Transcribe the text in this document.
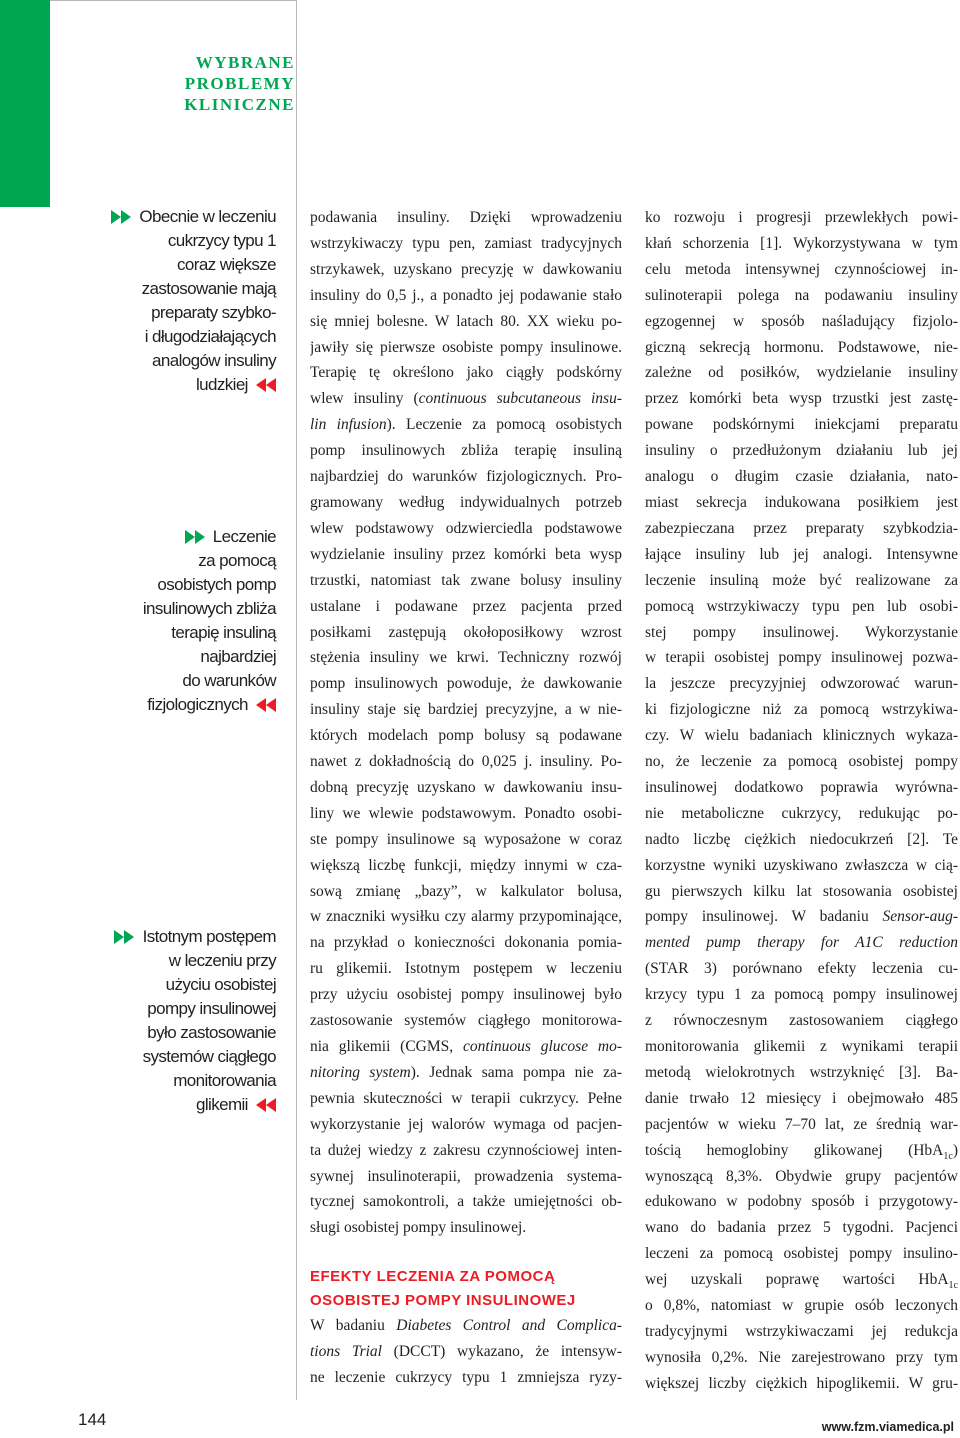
WYBRANE
PROBLEMY
KLINICZNE
Obecnie w leczeniu
cukrzycy typu 1
coraz większe
zastosowanie mają
preparaty szybko-
i długodziałających
analogów insuliny
ludzkiej
Leczenie
za pomocą
osobistych pomp
insulinowych zbliża
terapię insuliną
najbardziej
do warunków
fizjologicznych
Istotnym postępem
w leczeniu przy
użyciu osobistej
pompy insulinowej
było zastosowanie
systemów ciągłego
monitorowania
glikemii
podawania insuliny. Dzięki wprowadzeniu
wstrzykiwaczy typu pen, zamiast tradycyjnych
strzykawek, uzyskano precyzję w dawkowaniu
insuliny do 0,5 j., a ponadto jej podawanie stało
się mniej bolesne. W latach 80. XX wieku po-
jawiły się pierwsze osobiste pompy insulinowe.
Terapię tę określono jako ciągły podskórny
wlew insuliny (continuous subcutaneous insu-
lin infusion). Leczenie za pomocą osobistych
pomp insulinowych zbliża terapię insuliną
najbardziej do warunków fizjologicznych. Pro-
gramowany według indywidualnych potrzeb
wlew podstawowy odzwierciedla podstawowe
wydzielanie insuliny przez komórki beta wysp
trzustki, natomiast tak zwane bolusy insuliny
ustalane i podawane przez pacjenta przed
posiłkami zastępują okołoposiłkowy wzrost
stężenia insuliny we krwi. Techniczny rozwój
pomp insulinowych powoduje, że dawkowanie
insuliny staje się bardziej precyzyjne, a w nie-
których modelach pomp bolusy są podawane
nawet z dokładnością do 0,025 j. insuliny. Po-
dobną precyzję uzyskano w dawkowaniu insu-
liny we wlewie podstawowym. Ponadto osobi-
ste pompy insulinowe są wyposażone w coraz
większą liczbę funkcji, między innymi w cza-
sową zmianę „bazy”, w kalkulator bolusa,
w znaczniki wysiłku czy alarmy przypominające,
na przykład o konieczności dokonania pomia-
ru glikemii. Istotnym postępem w leczeniu
przy użyciu osobistej pompy insulinowej było
zastosowanie systemów ciągłego monitorowa-
nia glikemii (CGMS, continuous glucose mo-
nitoring system). Jednak sama pompa nie za-
pewnia skuteczności w terapii cukrzycy. Pełne
wykorzystanie jej walorów wymaga od pacjen-
ta dużej wiedzy z zakresu czynnościowej inten-
sywnej insulinoterapii, prowadzenia systema-
tycznej samokontroli, a także umiejętności ob-
sługi osobistej pompy insulinowej.
EFEKTY LECZENIA ZA POMOCĄ
OSOBISTEJ POMPY INSULINOWEJ
W badaniu Diabetes Control and Complica-
tions Trial (DCCT) wykazano, że intensyw-
ne leczenie cukrzycy typu 1 zmniejsza ryzy-
ko rozwoju i progresji przewlekłych powi-
kłań schorzenia [1]. Wykorzystywana w tym
celu metoda intensywnej czynnościowej in-
sulinoterapii polega na podawaniu insuliny
egzogennej w sposób naśladujący fizjolo-
giczną sekrecją hormonu. Podstawowe, nie-
zależne od posiłków, wydzielanie insuliny
przez komórki beta wysp trzustki jest zastę-
powane podskórnymi iniekcjami preparatu
insuliny o przedłużonym działaniu lub jej
analogu o długim czasie działania, nato-
miast sekrecja indukowana posiłkiem jest
zabezpieczana przez preparaty szybkodzia-
łające insuliny lub jej analogi. Intensywne
leczenie insuliną może być realizowane za
pomocą wstrzykiwaczy typu pen lub osobi-
stej pompy insulinowej. Wykorzystanie
w terapii osobistej pompy insulinowej pozwa-
la jeszcze precyzyjniej odwzorować warun-
ki fizjologiczne niż za pomocą wstrzykiwa-
czy. W wielu badaniach klinicznych wykaza-
no, że leczenie za pomocą osobistej pompy
insulinowej dodatkowo poprawia wyrówna-
nie metaboliczne cukrzycy, redukując po-
nadto liczbę ciężkich niedocukrzeń [2]. Te
korzystne wyniki uzyskiwano zwłaszcza w cią-
gu pierwszych kilku lat stosowania osobistej
pompy insulinowej. W badaniu Sensor-aug-
mented pump therapy for A1C reduction
(STAR 3) porównano efekty leczenia cu-
krzycy typu 1 za pomocą pompy insulinowej
z równoczesnym zastosowaniem ciągłego
monitorowania glikemii z wynikami terapii
metodą wielokrotnych wstrzyknięć [3]. Ba-
danie trwało 12 miesięcy i obejmowało 485
pacjentów w wieku 7–70 lat, ze średnią war-
tością hemoglobiny glikowanej (HbA$_{1c}$)
wynoszącą 8,3%. Obydwie grupy pacjentów
edukowano w podobny sposób i przygotowy-
wano do badania przez 5 tygodni. Pacjenci
leczeni za pomocą osobistej pompy insulino-
wej uzyskali poprawę wartości HbA$_{1c}$
o 0,8%, natomiast w grupie osób leczonych
tradycyjnymi wstrzykiwaczami jej redukcja
wynosiła 0,2%. Nie zarejestrowano przy tym
większej liczby ciężkich hipoglikemii. W gru-
144	www.fzm.viamedica.pl
